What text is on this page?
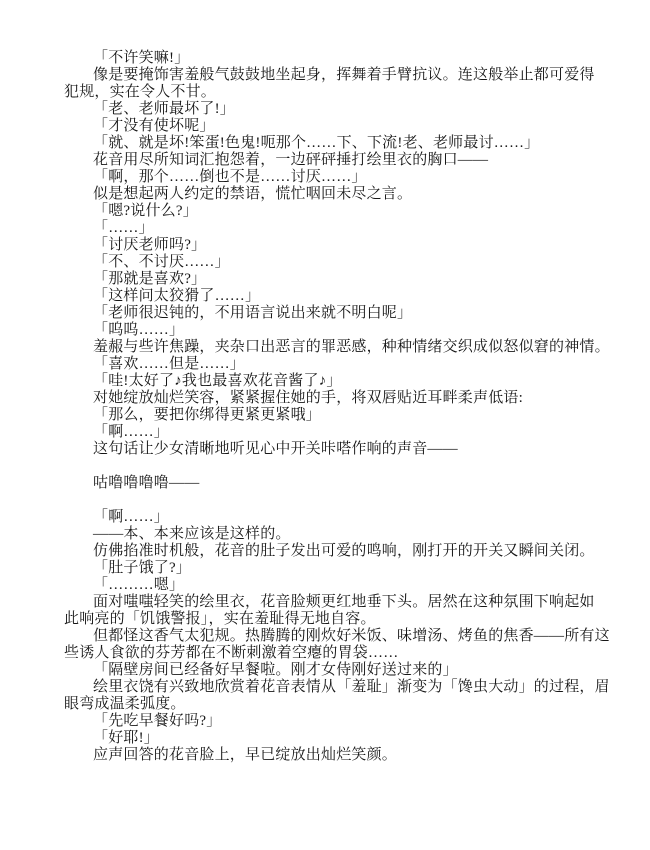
「不许笑嘛!」
像是要掩饰害羞般气鼓鼓地坐起身，挥舞着手臂抗议。连这般举止都可爱得
犯规，实在令人不甘。
「老、老师最坏了!」
「才没有使坏呢」
「就、就是坏!笨蛋!色鬼!呃那个……下、下流!老、老师最讨……」
花音用尽所知词汇抱怨着，一边砰砰捶打绘里衣的胸口——
「啊，那个……倒也不是……讨厌……」
似是想起两人约定的禁语，慌忙咽回未尽之言。
「嗯?说什么?」
「……」
「讨厌老师吗?」
「不、不讨厌……」
「那就是喜欢?」
「这样问太狡猾了……」
「老师很迟钝的，不用语言说出来就不明白呢」
「呜呜……」
羞赧与些许焦躁，夹杂口出恶言的罪恶感，种种情绪交织成似怒似窘的神情。
「喜欢……但是……」
「哇!太好了♪我也最喜欢花音酱了♪」
对她绽放灿烂笑容，紧紧握住她的手，将双唇贴近耳畔柔声低语:
「那么，要把你绑得更紧更紧哦」
「啊……」
这句话让少女清晰地听见心中开关咔嗒作响的声音——
咕噜噜噜噜——
「啊……」
——本、本来应该是这样的。
仿佛掐准时机般，花音的肚子发出可爱的鸣响，刚打开的开关又瞬间关闭。
「肚子饿了?」
「………嗯」
面对嗤嗤轻笑的绘里衣，花音脸颊更红地垂下头。居然在这种氛围下响起如
此响亮的「饥饿警报」，实在羞耻得无地自容。
但都怪这香气太犯规。热腾腾的刚炊好米饭、味增汤、烤鱼的焦香——所有这
些诱人食欲的芬芳都在不断刺激着空瘪的胃袋……
「隔壁房间已经备好早餐啦。刚才女侍刚好送过来的」
绘里衣饶有兴致地欣赏着花音表情从「羞耻」渐变为「馋虫大动」的过程，眉
眼弯成温柔弧度。
「先吃早餐好吗?」
「好耶!」
应声回答的花音脸上，早已绽放出灿烂笑颜。
